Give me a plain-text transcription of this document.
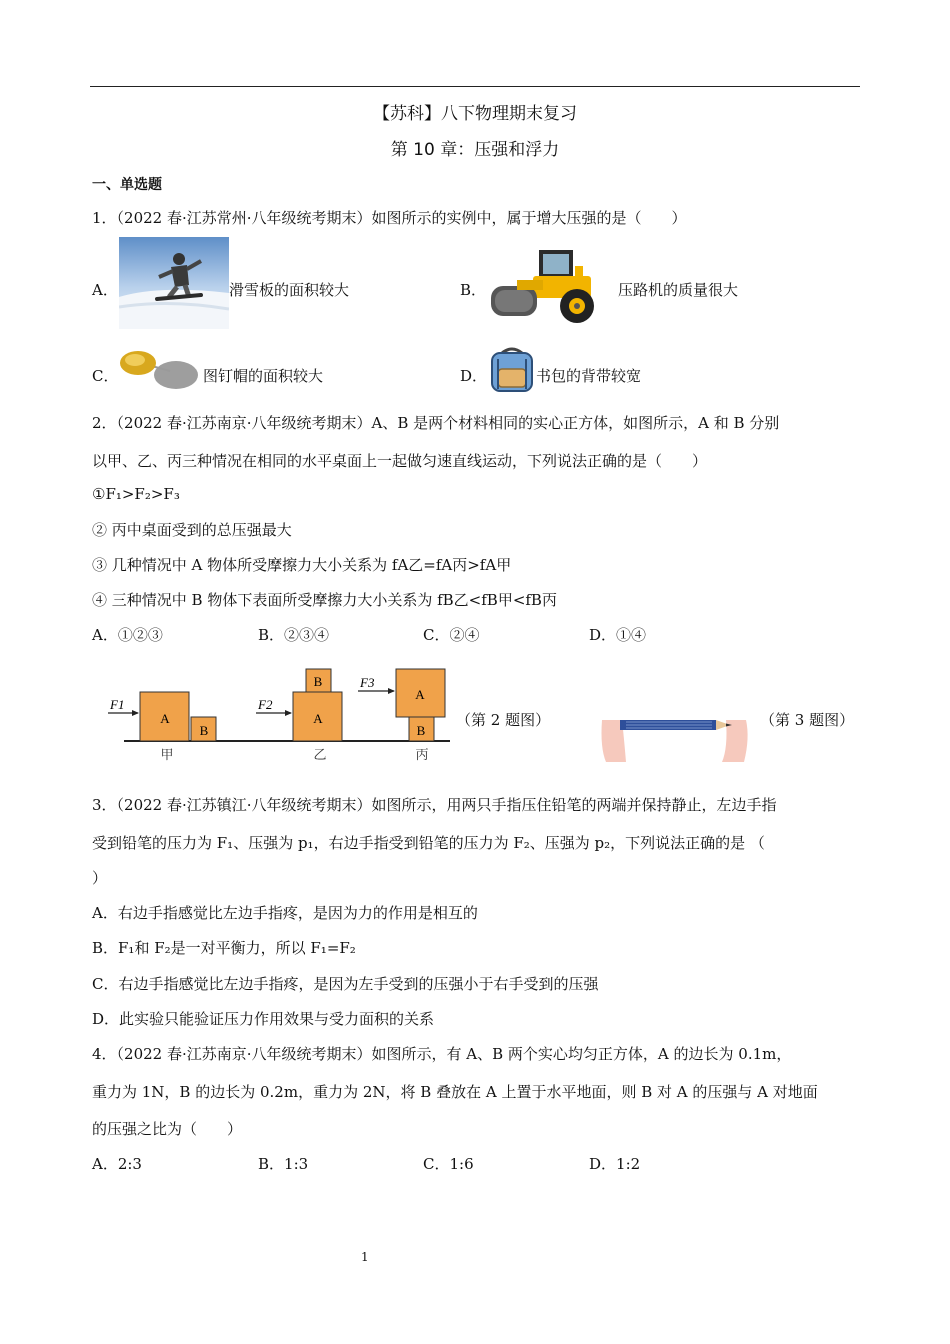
【苏科】八下物理期末复习
第 10 章：压强和浮力
一、单选题
1．（2022 春·江苏常州·八年级统考期末）如图所示的实例中，属于增大压强的是（　　）
A．	滑雪板的面积较大	B．	压路机的质量很大
C．	图钉帽的面积较大	D．	书包的背带较宽
2．（2022 春·江苏南京·八年级统考期末）A、B 是两个材料相同的实心正方体，如图所示，A 和 B 分别
以甲、乙、丙三种情况在相同的水平桌面上一起做匀速直线运动，下列说法正确的是（　　）
①F₁>F₂>F₃
② 丙中桌面受到的总压强最大
③ 几种情况中 A 物体所受摩擦力大小关系为 fA乙=fA丙>fA甲
④ 三种情况中 B 物体下表面所受摩擦力大小关系为 fB乙<fB甲<fB丙
A．①②③	B．②③④	C．②④	D．①④
A
B
F1
甲
A
B
F2
乙
A
B
F3
丙
（第 2 题图）	（第 3 题图）
3．（2022 春·江苏镇江·八年级统考期末）如图所示，用两只手指压住铅笔的两端并保持静止，左边手指
受到铅笔的压力为 F₁、压强为 p₁，右边手指受到铅笔的压力为 F₂、压强为 p₂，下列说法正确的是 （
）
A．右边手指感觉比左边手指疼，是因为力的作用是相互的
B．F₁和 F₂是一对平衡力，所以 F₁=F₂
C．右边手指感觉比左边手指疼，是因为左手受到的压强小于右手受到的压强
D．此实验只能验证压力作用效果与受力面积的关系
4．（2022 春·江苏南京·八年级统考期末）如图所示，有 A、B 两个实心均匀正方体，A 的边长为 0.1m，
重力为 1N，B 的边长为 0.2m，重力为 2N，将 B 叠放在 A 上置于水平地面，则 B 对 A 的压强与 A 对地面
的压强之比为（　　）
A．2:3	B．1:3	C．1:6	D．1:2
1
